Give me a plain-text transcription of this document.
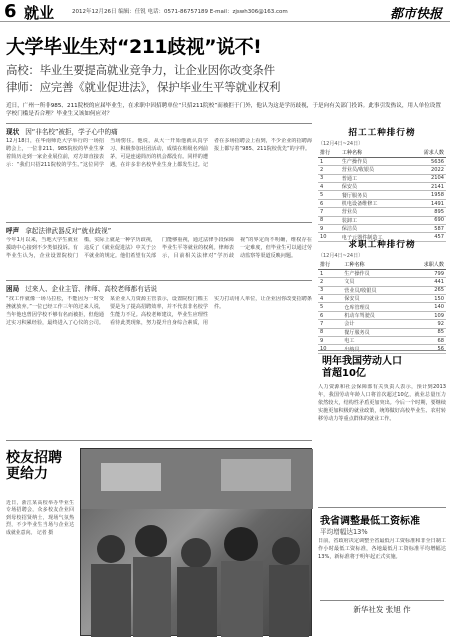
6 就业	2012年12月26日 编辑：任锐 电话：0571-86757189 E-mail：zjswh306@163.com	都市快报
大学毕业生对“211歧视”说不!
高校：毕业生要提高就业竞争力，让企业因你改变条件
律师：应完善《就业促进法》，保护毕业生平等就业权利
近日，广州一所非985、211院校的应届毕业生，在求职中因招聘单位“只招211院校”而被拒于门外，他认为这是学历歧视，于是向有关部门投诉。此事引发热议，用人单位设置学校门槛是否合理？毕业生又该如何应对？
现状 因“非名校”被拒，学子心中的痛
12月18日，在华南师范大学举行的一场招聘会上，一位非211、985院校的毕业生拿着简历走到一家企业展位前，对方却直接表示：“我们只招211院校的学生。”这位同学当场愣住。他说，从大一开始他就认真学习、积极参加社团活动，成绩在班级名列前茅，可是连递简历的机会都没有。同样的遭遇，在许多非名校毕业生身上都发生过。记者在多场招聘会上看到，不少企业的招聘海报上都写着“985、211院校优先”的字样。
呼声 拿起法律武器反对“就业歧视”
今年1月以来，当地大学生就业援助中心接到不少类似投诉。有毕业生认为，企业设置院校门槛，实际上就是一种学历歧视，违反了《就业促进法》中关于公平就业的规定。他们希望有关部门能够重视，通过法律手段保障毕业生平等就业的权利。律师表示，目前相关法律对“学历歧视”的界定尚不明确，维权存在一定难度，但毕业生可以通过劳动监察等渠道反映问题。
困局 过来人、企业主管、律师、高校老师都有话说
“找工作就像一场马拉松，不能因为一时受挫就放弃。”一位已经工作三年的过来人说，当年他也曾因学校不够有名而被拒，但他通过实习积累经验，最终进入了心仪的公司。某企业人力资源主管表示，设置院校门槛主要是为了提高招聘效率，并不代表非名校学生能力不足。高校老师建议，毕业生应理性看待此类现象，努力提升自身综合素质，用实力打动用人单位，让企业因你改变招聘条件。
校友招聘
更给力
近日，浙江某高校举办毕业生专场招聘会，众多校友企业回到母校招贤纳士，现场气氛热烈，不少毕业生当场与企业达成就业意向。 记者 摄
招工工种排行榜
（12月4日~24日）
排行	工种名称	需求人数
1	生产操作员	5636
2	营业员/收银员	2022
3	普通工	2104
4	保安员	2141
5	餐厅服务员	1958
6	机电设备维修工	1491
7	营业员	895
8	装卸工	690
9	保洁员	587
10	电子元器件制造工	457
求职工种排行榜
（12月4日~24日）
排行	工种名称	求职人数
1	生产操作员	799
2	文员	441
3	营业员/收银员	265
4	保安员	150
5	仓库管理员	140
6	机动车驾驶员	109
7	会计	92
8	餐厅服务员	85
9	电工	68
10	出纳员	56
明年我国劳动人口
首超10亿
人力资源和社会保障部有关负责人表示，预计到2013年，我国劳动年龄人口将首次超过10亿，就业总量压力依然较大，结构性矛盾更加突出。今后一个时期，要继续实施更加积极的就业政策，统筹做好高校毕业生、农村转移劳动力等重点群体的就业工作。
我省调整最低工资标准
平均增幅达13%
日前，省政府决定调整全省最低月工资标准和非全日制工作小时最低工资标准，各地最低月工资标准平均增幅达13%，新标准将于明年起正式实施。
新华社发 张旭 作
